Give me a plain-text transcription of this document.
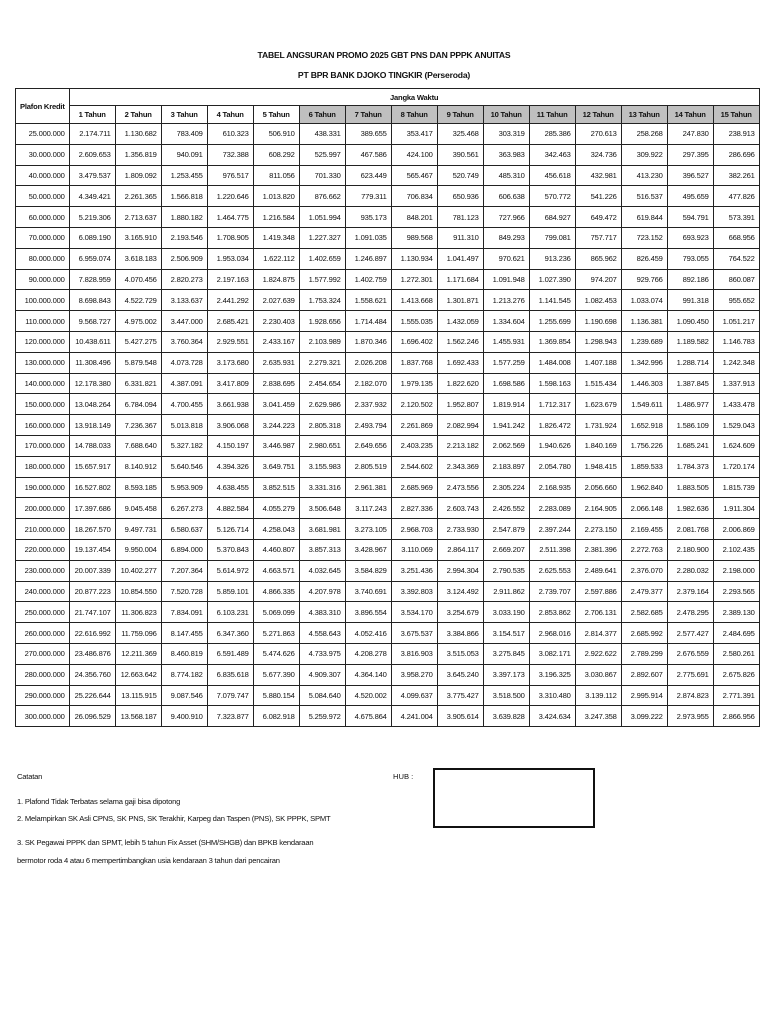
TABEL ANGSURAN PROMO 2025 GBT PNS DAN PPPK ANUITAS
PT BPR BANK DJOKO TINGKIR (Perseroda)
Plafon Kredit	Jangka Waktu														
	1 Tahun	2 Tahun	3 Tahun	4 Tahun	5 Tahun	6 Tahun	7 Tahun	8 Tahun	9 Tahun	10 Tahun	11 Tahun	12 Tahun	13 Tahun	14 Tahun	15 Tahun
25.000.000	2.174.711	1.130.682	783.409	610.323	506.910	438.331	389.655	353.417	325.468	303.319	285.386	270.613	258.268	247.830	238.913
30.000.000	2.609.653	1.356.819	940.091	732.388	608.292	525.997	467.586	424.100	390.561	363.983	342.463	324.736	309.922	297.395	286.696
40.000.000	3.479.537	1.809.092	1.253.455	976.517	811.056	701.330	623.449	565.467	520.749	485.310	456.618	432.981	413.230	396.527	382.261
50.000.000	4.349.421	2.261.365	1.566.818	1.220.646	1.013.820	876.662	779.311	706.834	650.936	606.638	570.772	541.226	516.537	495.659	477.826
60.000.000	5.219.306	2.713.637	1.880.182	1.464.775	1.216.584	1.051.994	935.173	848.201	781.123	727.966	684.927	649.472	619.844	594.791	573.391
70.000.000	6.089.190	3.165.910	2.193.546	1.708.905	1.419.348	1.227.327	1.091.035	989.568	911.310	849.293	799.081	757.717	723.152	693.923	668.956
80.000.000	6.959.074	3.618.183	2.506.909	1.953.034	1.622.112	1.402.659	1.246.897	1.130.934	1.041.497	970.621	913.236	865.962	826.459	793.055	764.522
90.000.000	7.828.959	4.070.456	2.820.273	2.197.163	1.824.875	1.577.992	1.402.759	1.272.301	1.171.684	1.091.948	1.027.390	974.207	929.766	892.186	860.087
100.000.000	8.698.843	4.522.729	3.133.637	2.441.292	2.027.639	1.753.324	1.558.621	1.413.668	1.301.871	1.213.276	1.141.545	1.082.453	1.033.074	991.318	955.652
110.000.000	9.568.727	4.975.002	3.447.000	2.685.421	2.230.403	1.928.656	1.714.484	1.555.035	1.432.059	1.334.604	1.255.699	1.190.698	1.136.381	1.090.450	1.051.217
120.000.000	10.438.611	5.427.275	3.760.364	2.929.551	2.433.167	2.103.989	1.870.346	1.696.402	1.562.246	1.455.931	1.369.854	1.298.943	1.239.689	1.189.582	1.146.783
130.000.000	11.308.496	5.879.548	4.073.728	3.173.680	2.635.931	2.279.321	2.026.208	1.837.768	1.692.433	1.577.259	1.484.008	1.407.188	1.342.996	1.288.714	1.242.348
140.000.000	12.178.380	6.331.821	4.387.091	3.417.809	2.838.695	2.454.654	2.182.070	1.979.135	1.822.620	1.698.586	1.598.163	1.515.434	1.446.303	1.387.845	1.337.913
150.000.000	13.048.264	6.784.094	4.700.455	3.661.938	3.041.459	2.629.986	2.337.932	2.120.502	1.952.807	1.819.914	1.712.317	1.623.679	1.549.611	1.486.977	1.433.478
160.000.000	13.918.149	7.236.367	5.013.818	3.906.068	3.244.223	2.805.318	2.493.794	2.261.869	2.082.994	1.941.242	1.826.472	1.731.924	1.652.918	1.586.109	1.529.043
170.000.000	14.788.033	7.688.640	5.327.182	4.150.197	3.446.987	2.980.651	2.649.656	2.403.235	2.213.182	2.062.569	1.940.626	1.840.169	1.756.226	1.685.241	1.624.609
180.000.000	15.657.917	8.140.912	5.640.546	4.394.326	3.649.751	3.155.983	2.805.519	2.544.602	2.343.369	2.183.897	2.054.780	1.948.415	1.859.533	1.784.373	1.720.174
190.000.000	16.527.802	8.593.185	5.953.909	4.638.455	3.852.515	3.331.316	2.961.381	2.685.969	2.473.556	2.305.224	2.168.935	2.056.660	1.962.840	1.883.505	1.815.739
200.000.000	17.397.686	9.045.458	6.267.273	4.882.584	4.055.279	3.506.648	3.117.243	2.827.336	2.603.743	2.426.552	2.283.089	2.164.905	2.066.148	1.982.636	1.911.304
210.000.000	18.267.570	9.497.731	6.580.637	5.126.714	4.258.043	3.681.981	3.273.105	2.968.703	2.733.930	2.547.879	2.397.244	2.273.150	2.169.455	2.081.768	2.006.869
220.000.000	19.137.454	9.950.004	6.894.000	5.370.843	4.460.807	3.857.313	3.428.967	3.110.069	2.864.117	2.669.207	2.511.398	2.381.396	2.272.763	2.180.900	2.102.435
230.000.000	20.007.339	10.402.277	7.207.364	5.614.972	4.663.571	4.032.645	3.584.829	3.251.436	2.994.304	2.790.535	2.625.553	2.489.641	2.376.070	2.280.032	2.198.000
240.000.000	20.877.223	10.854.550	7.520.728	5.859.101	4.866.335	4.207.978	3.740.691	3.392.803	3.124.492	2.911.862	2.739.707	2.597.886	2.479.377	2.379.164	2.293.565
250.000.000	21.747.107	11.306.823	7.834.091	6.103.231	5.069.099	4.383.310	3.896.554	3.534.170	3.254.679	3.033.190	2.853.862	2.706.131	2.582.685	2.478.295	2.389.130
260.000.000	22.616.992	11.759.096	8.147.455	6.347.360	5.271.863	4.558.643	4.052.416	3.675.537	3.384.866	3.154.517	2.968.016	2.814.377	2.685.992	2.577.427	2.484.695
270.000.000	23.486.876	12.211.369	8.460.819	6.591.489	5.474.626	4.733.975	4.208.278	3.816.903	3.515.053	3.275.845	3.082.171	2.922.622	2.789.299	2.676.559	2.580.261
280.000.000	24.356.760	12.663.642	8.774.182	6.835.618	5.677.390	4.909.307	4.364.140	3.958.270	3.645.240	3.397.173	3.196.325	3.030.867	2.892.607	2.775.691	2.675.826
290.000.000	25.226.644	13.115.915	9.087.546	7.079.747	5.880.154	5.084.640	4.520.002	4.099.637	3.775.427	3.518.500	3.310.480	3.139.112	2.995.914	2.874.823	2.771.391
300.000.000	26.096.529	13.568.187	9.400.910	7.323.877	6.082.918	5.259.972	4.675.864	4.241.004	3.905.614	3.639.828	3.424.634	3.247.358	3.099.222	2.973.955	2.866.956
Catatan
1. Plafond Tidak Terbatas selama gaji bisa dipotong
2. Melampirkan SK Asli CPNS, SK PNS, SK Terakhir, Karpeg dan Taspen (PNS), SK PPPK, SPMT
3. SK Pegawai PPPK dan SPMT, lebih 5 tahun Fix Asset (SHM/SHGB) dan BPKB kendaraan
bermotor roda 4 atau 6 mempertimbangkan usia kendaraan 3 tahun dari pencairan
HUB :
